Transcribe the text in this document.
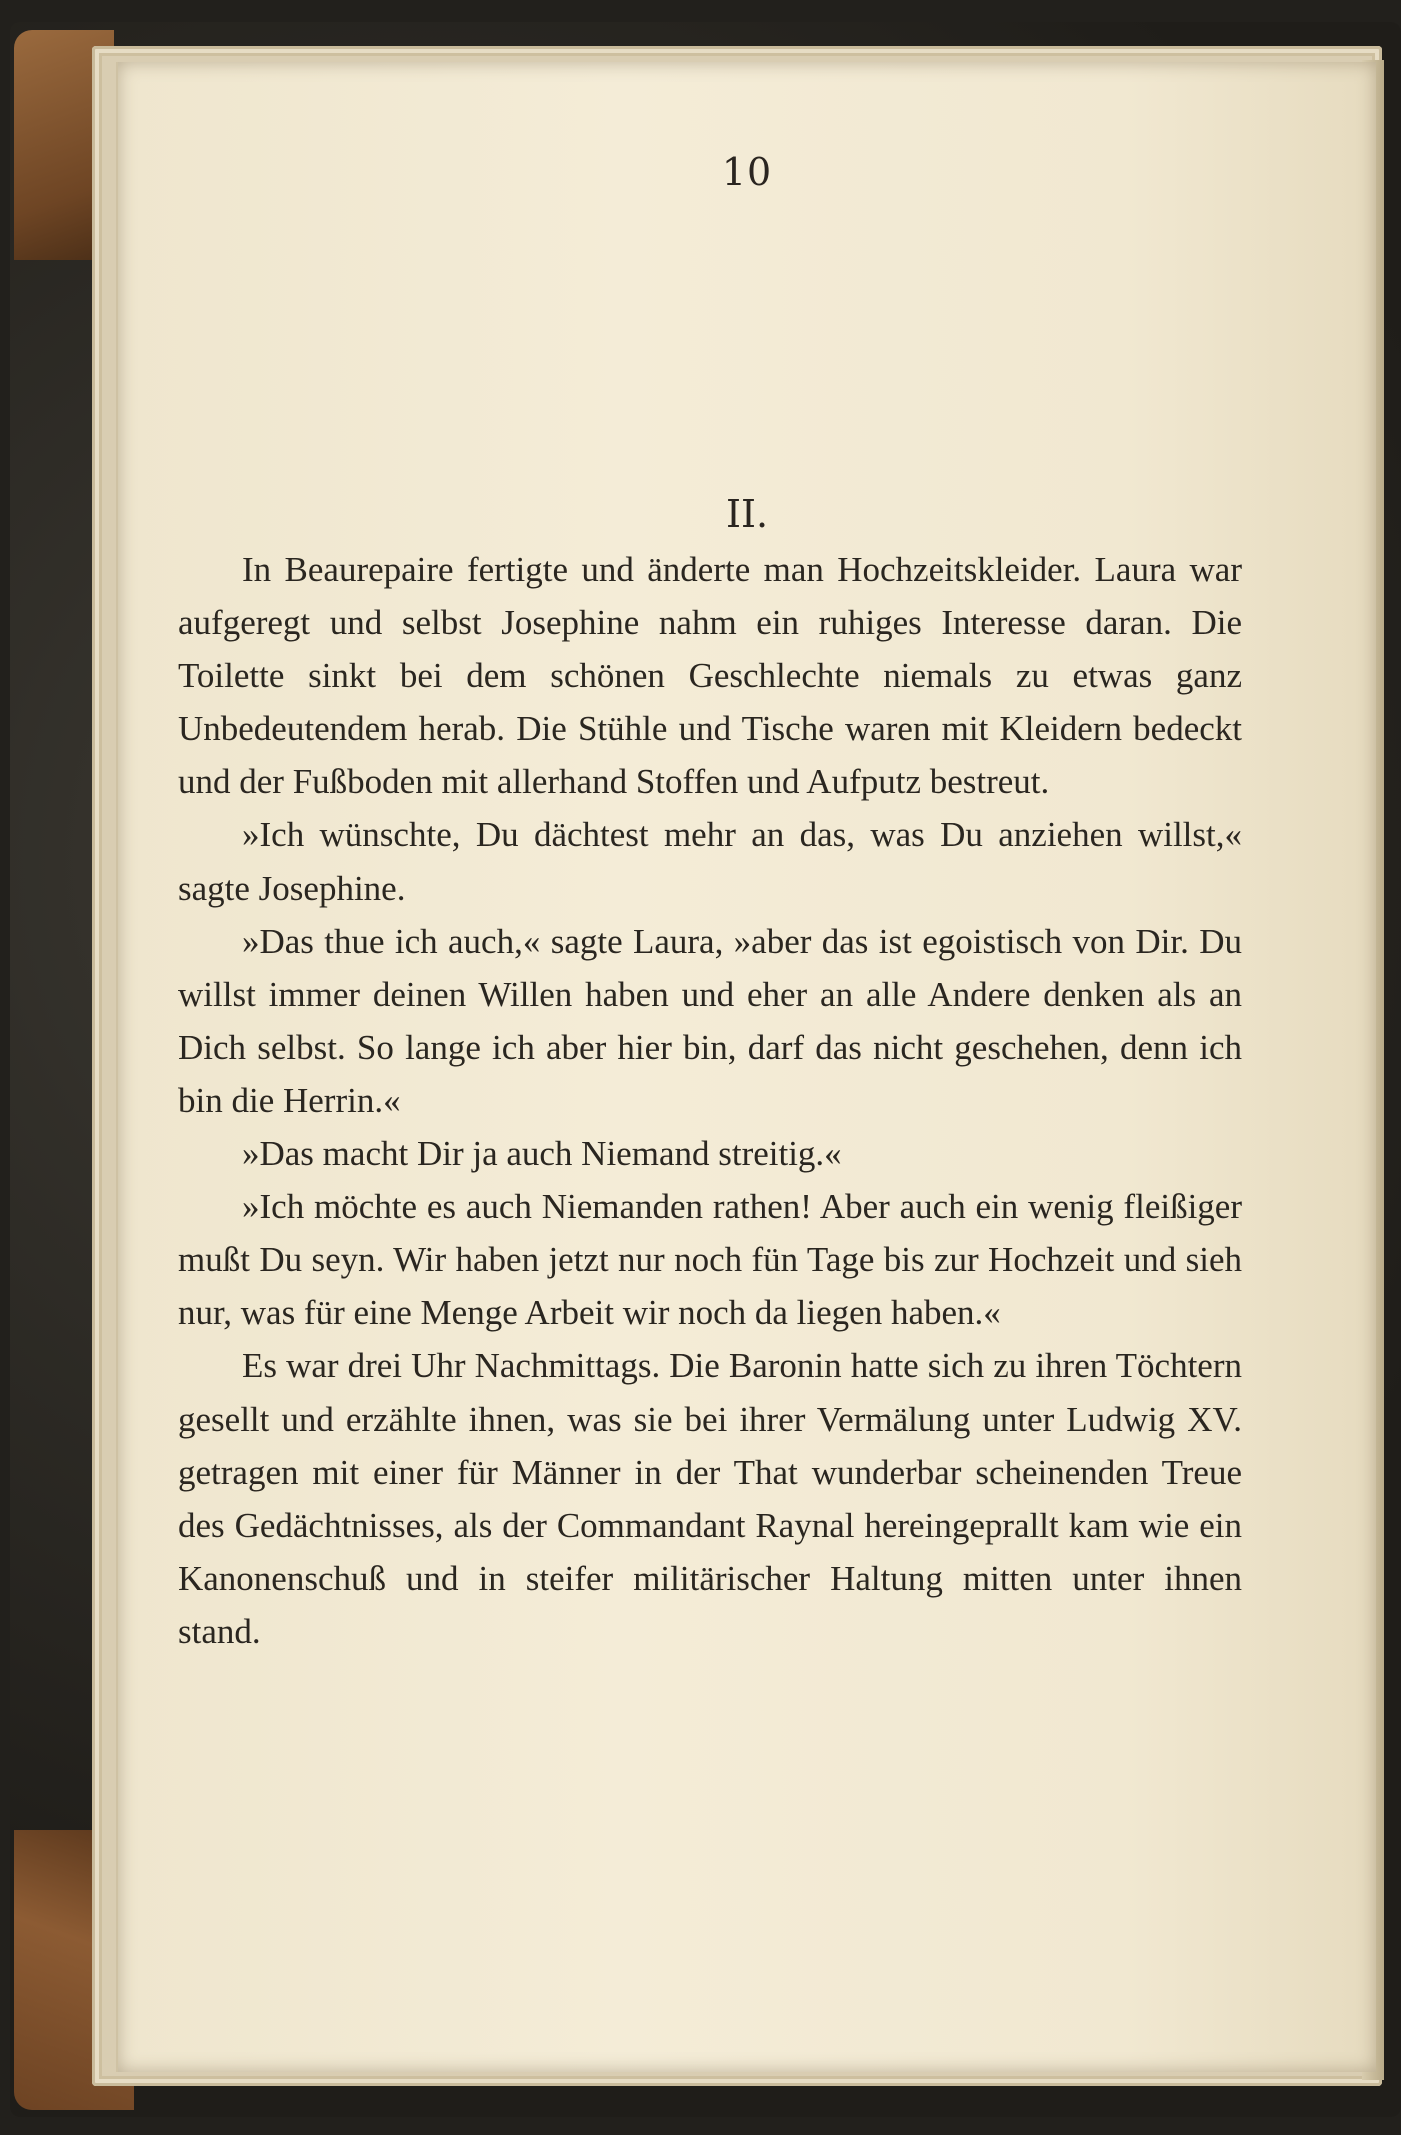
10
II.

In Beaurepaire fertigte und änderte man Hochzeitskleider. Laura war aufgeregt und selbst Josephine nahm ein ruhiges Interesse daran. Die Toilette sinkt bei dem schönen Geschlechte niemals zu etwas ganz Unbedeutendem herab. Die Stühle und Tische waren mit Kleidern bedeckt und der Fußboden mit allerhand Stoffen und Aufputz bestreut.

»Ich wünschte, Du dächtest mehr an das, was Du anziehen willst,« sagte Josephine.

»Das thue ich auch,« sagte Laura, »aber das ist egoistisch von Dir. Du willst immer deinen Willen haben und eher an alle Andere denken als an Dich selbst. So lange ich aber hier bin, darf das nicht geschehen, denn ich bin die Herrin.«

»Das macht Dir ja auch Niemand streitig.«

»Ich möchte es auch Niemanden rathen! Aber auch ein wenig fleißiger mußt Du seyn. Wir haben jetzt nur noch fün Tage bis zur Hochzeit und sieh nur, was für eine Menge Arbeit wir noch da liegen haben.«

Es war drei Uhr Nachmittags. Die Baronin hatte sich zu ihren Töchtern gesellt und erzählte ihnen, was sie bei ihrer Vermälung unter Ludwig XV. getragen mit einer für Männer in der That wunderbar scheinenden Treue des Gedächtnisses, als der Commandant Raynal hereingeprallt kam wie ein Kanonenschuß und in steifer militärischer Haltung mitten unter ihnen stand.
